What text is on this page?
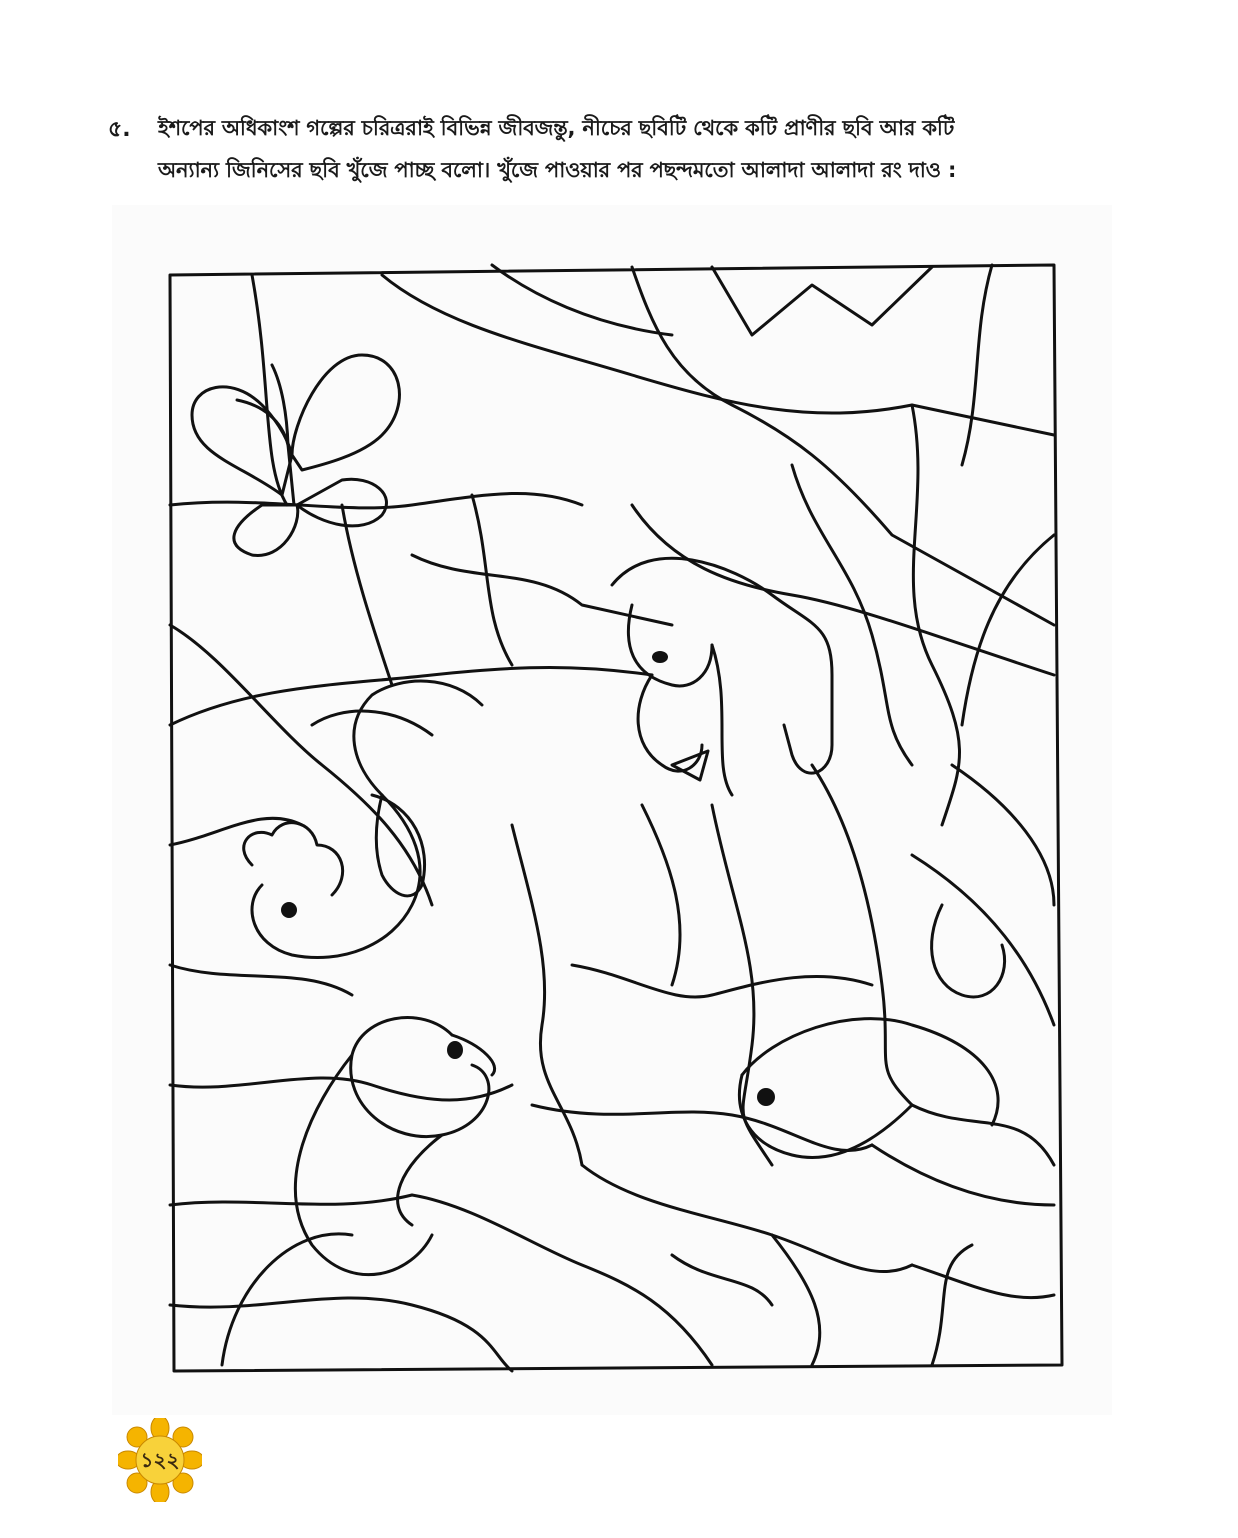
৫. ইশপের অধিকাংশ গল্পের চরিত্ররাই বিভিন্ন জীবজন্তু, নীচের ছবিটি থেকে কটি প্রাণীর ছবি আর কটি
অন্যান্য জিনিসের ছবি খুঁজে পাচ্ছ বলো। খুঁজে পাওয়ার পর পছন্দমতো আলাদা আলাদা রং দাও :
১২২
